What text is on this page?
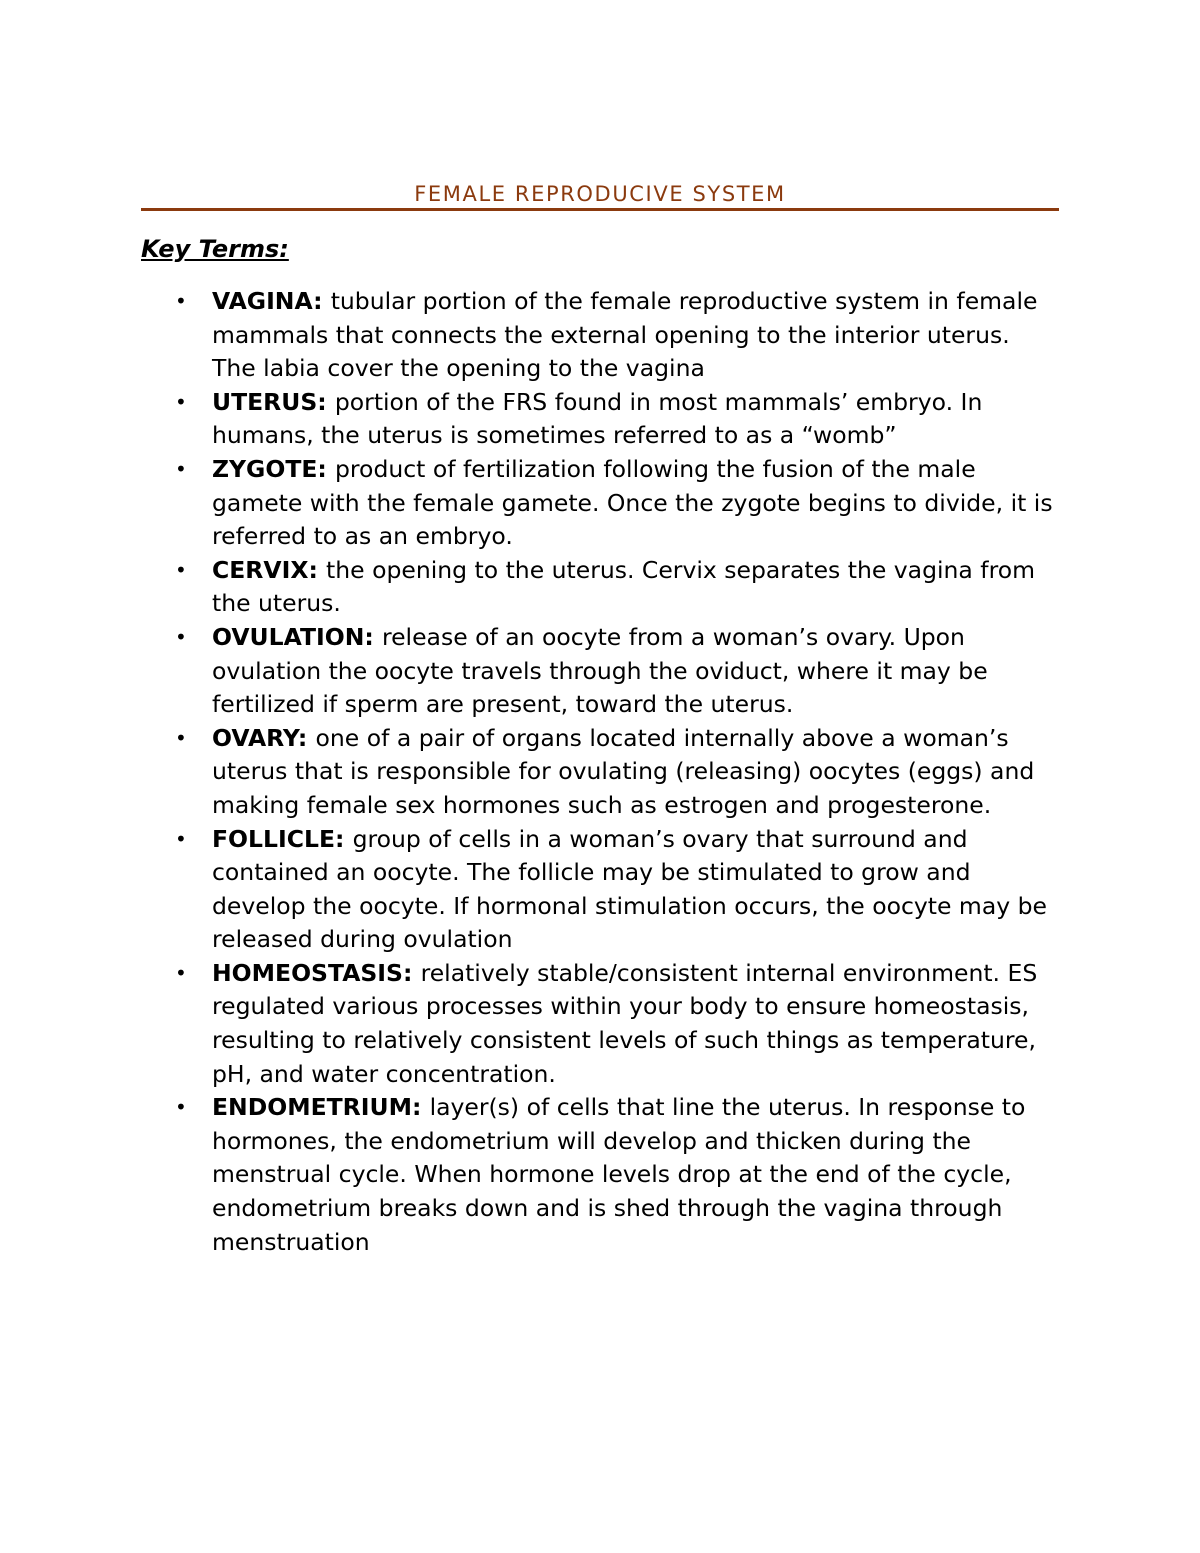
FEMALE REPRODUCIVE SYSTEM
Key Terms:
• VAGINA: tubular portion of the female reproductive system in female mammals that connects the external opening to the interior uterus. The labia cover the opening to the vagina
• UTERUS: portion of the FRS found in most mammals’ embryo. In humans, the uterus is sometimes referred to as a “womb”
• ZYGOTE: product of fertilization following the fusion of the male gamete with the female gamete. Once the zygote begins to divide, it is referred to as an embryo.
• CERVIX: the opening to the uterus. Cervix separates the vagina from the uterus.
• OVULATION: release of an oocyte from a woman’s ovary. Upon ovulation the oocyte travels through the oviduct, where it may be fertilized if sperm are present, toward the uterus.
• OVARY: one of a pair of organs located internally above a woman’s uterus that is responsible for ovulating (releasing) oocytes (eggs) and making female sex hormones such as estrogen and progesterone.
• FOLLICLE: group of cells in a woman’s ovary that surround and contained an oocyte. The follicle may be stimulated to grow and develop the oocyte. If hormonal stimulation occurs, the oocyte may be released during ovulation
• HOMEOSTASIS: relatively stable/consistent internal environment. ES regulated various processes within your body to ensure homeostasis, resulting to relatively consistent levels of such things as temperature, pH, and water concentration.
• ENDOMETRIUM: layer(s) of cells that line the uterus. In response to hormones, the endometrium will develop and thicken during the menstrual cycle. When hormone levels drop at the end of the cycle, endometrium breaks down and is shed through the vagina through menstruation
